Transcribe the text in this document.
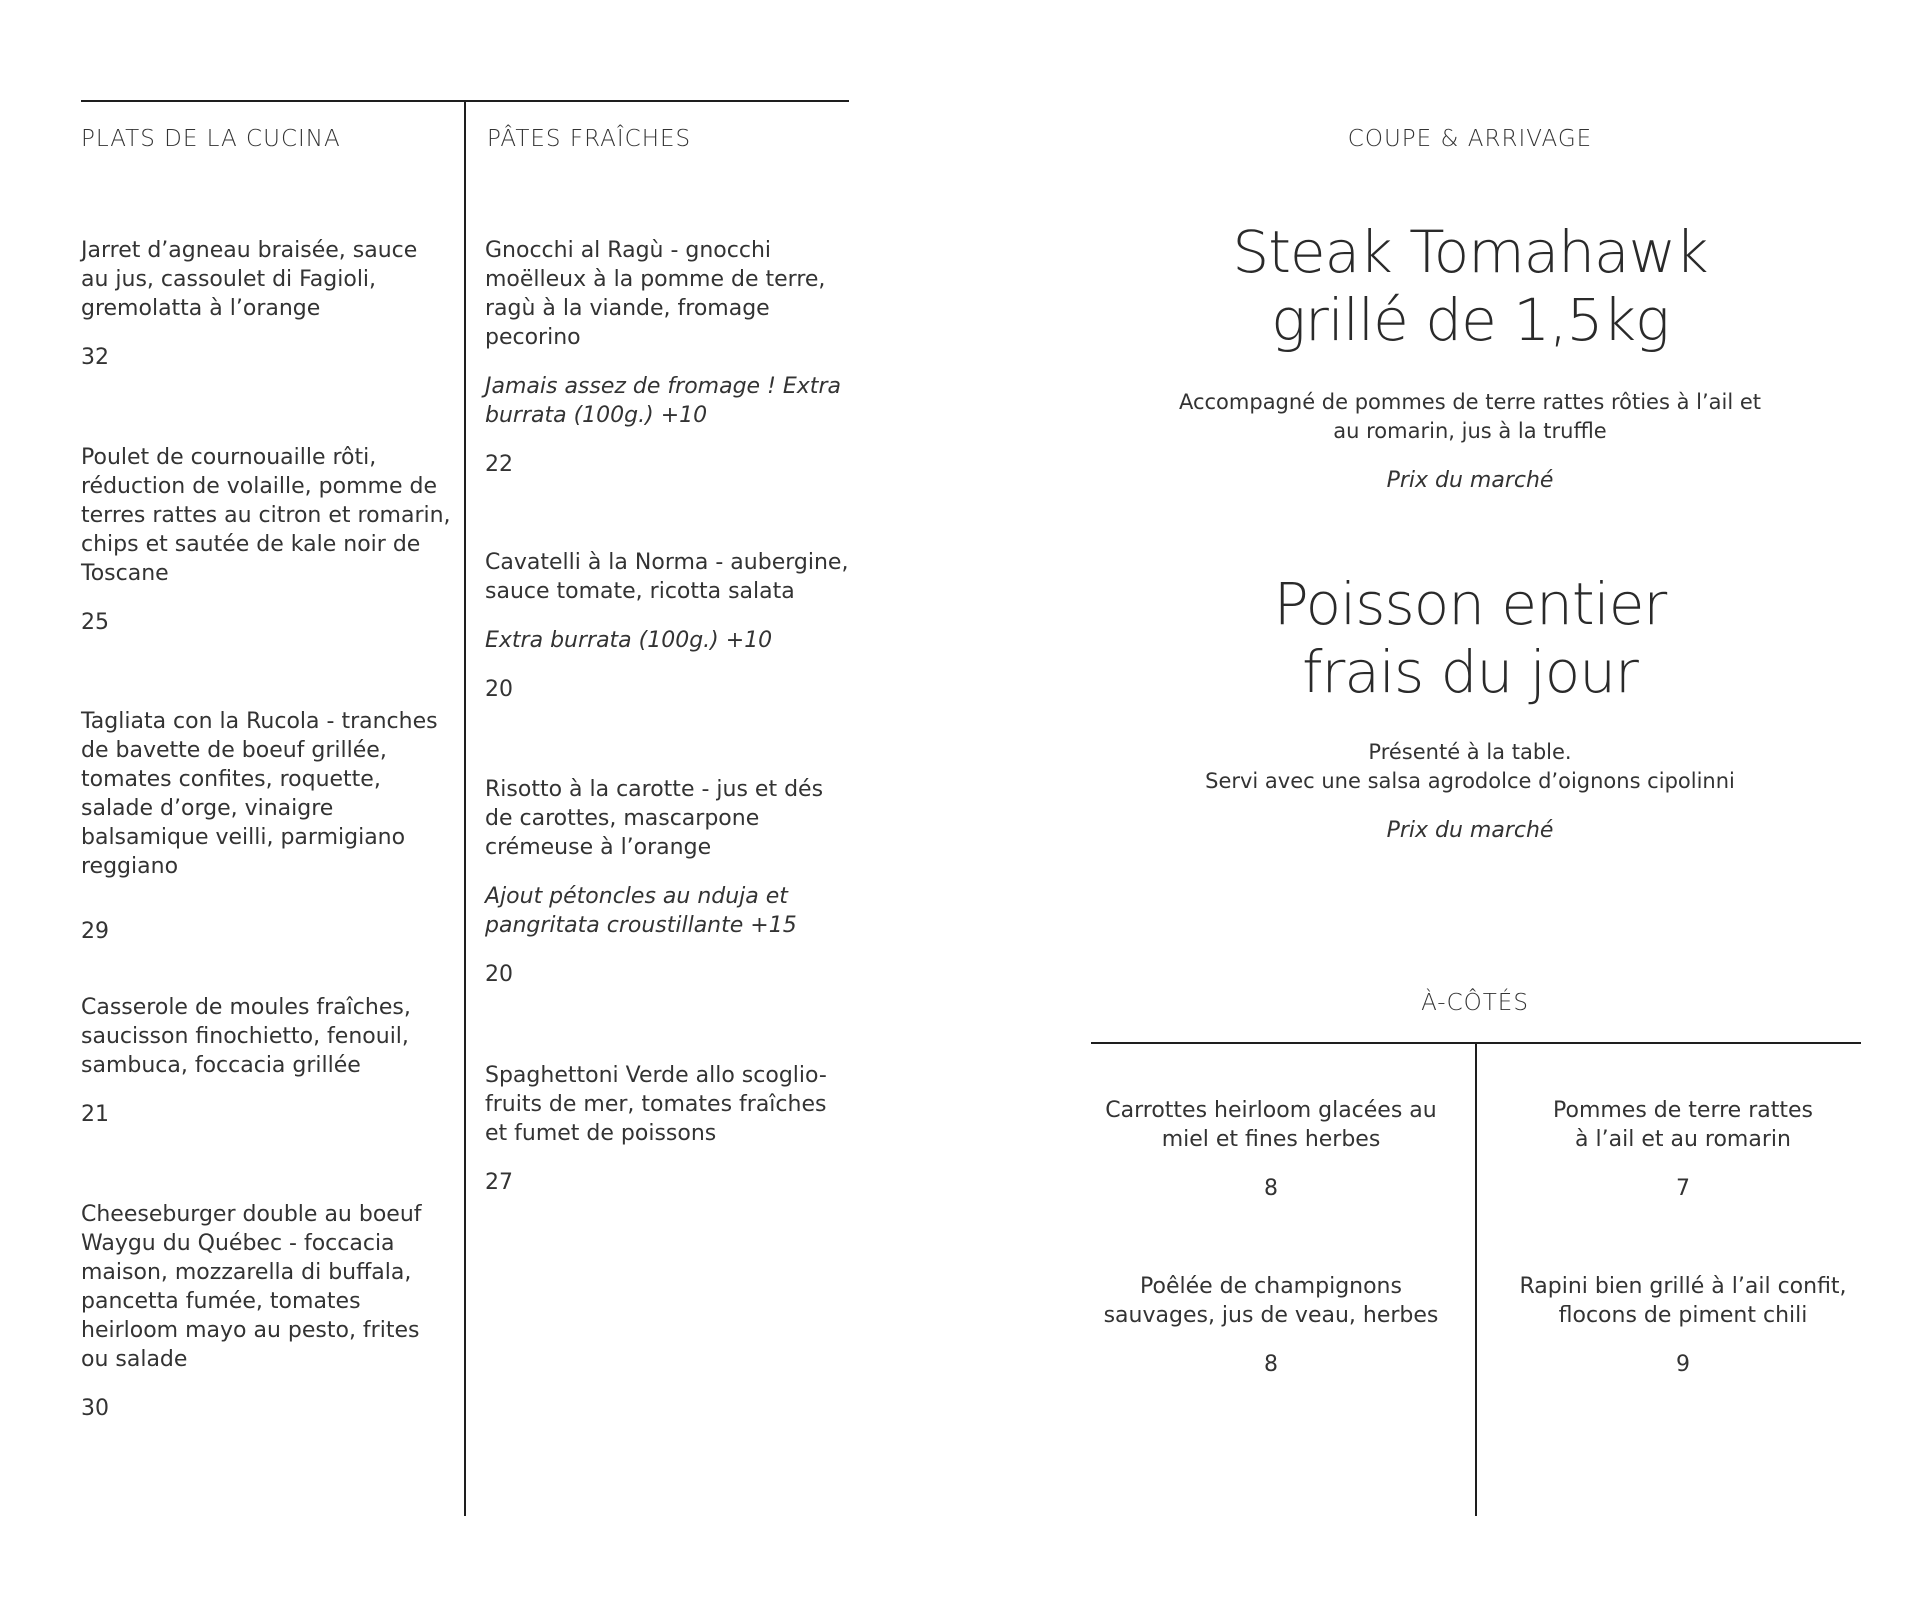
PLATS DE LA CUCINA	PÂTES FRAÎCHES	COUPE & ARRIVAGE
À-CÔTÉS

Jarret d’agneau braisée, sauce au jus, cassoulet di Fagioli, gremolatta à l’orange

32

Poulet de cournouaille rôti, réduction de volaille, pomme de terres rattes au citron et romarin, chips et sautée de kale noir de Toscane

25

Tagliata con la Rucola - tranches de bavette de boeuf grillée, tomates confites, roquette, salade d’orge, vinaigre balsamique veilli, parmigiano reggiano

29

Casserole de moules fraîches, saucisson finochietto, fenouil, sambuca, foccacia grillée

21

Cheeseburger double au boeuf Waygu du Québec - foccacia maison, mozzarella di buffala, pancetta fumée, tomates heirloom mayo au pesto, frites ou salade

30

Gnocchi al Ragù - gnocchi moëlleux à la pomme de terre, ragù à la viande, fromage pecorino

Jamais assez de fromage ! Extra burrata (100g.) +10

22

Cavatelli à la Norma - aubergine, sauce tomate, ricotta salata

Extra burrata (100g.) +10

20

Risotto à la carotte - jus et dés de carottes, mascarpone crémeuse à l’orange

Ajout pétoncles au nduja et pangritata croustillante +15

20

Spaghettoni Verde allo scoglio- fruits de mer, tomates fraîches et fumet de poissons

27

Steak Tomahawk

grillé de 1,5kg

Accompagné de pommes de terre rattes rôties à l’ail et
au romarin, jus à la truffle

Prix du marché

Poisson entier

frais du jour

Présenté à la table.
Servi avec une salsa agrodolce d’oignons cipolinni

Prix du marché

Carrottes heirloom glacées au
miel et fines herbes

8

Pommes de terre rattes
à l’ail et au romarin

7

Poêlée de champignons
sauvages, jus de veau, herbes

8

Rapini bien grillé à l’ail confit,
flocons de piment chili

9
